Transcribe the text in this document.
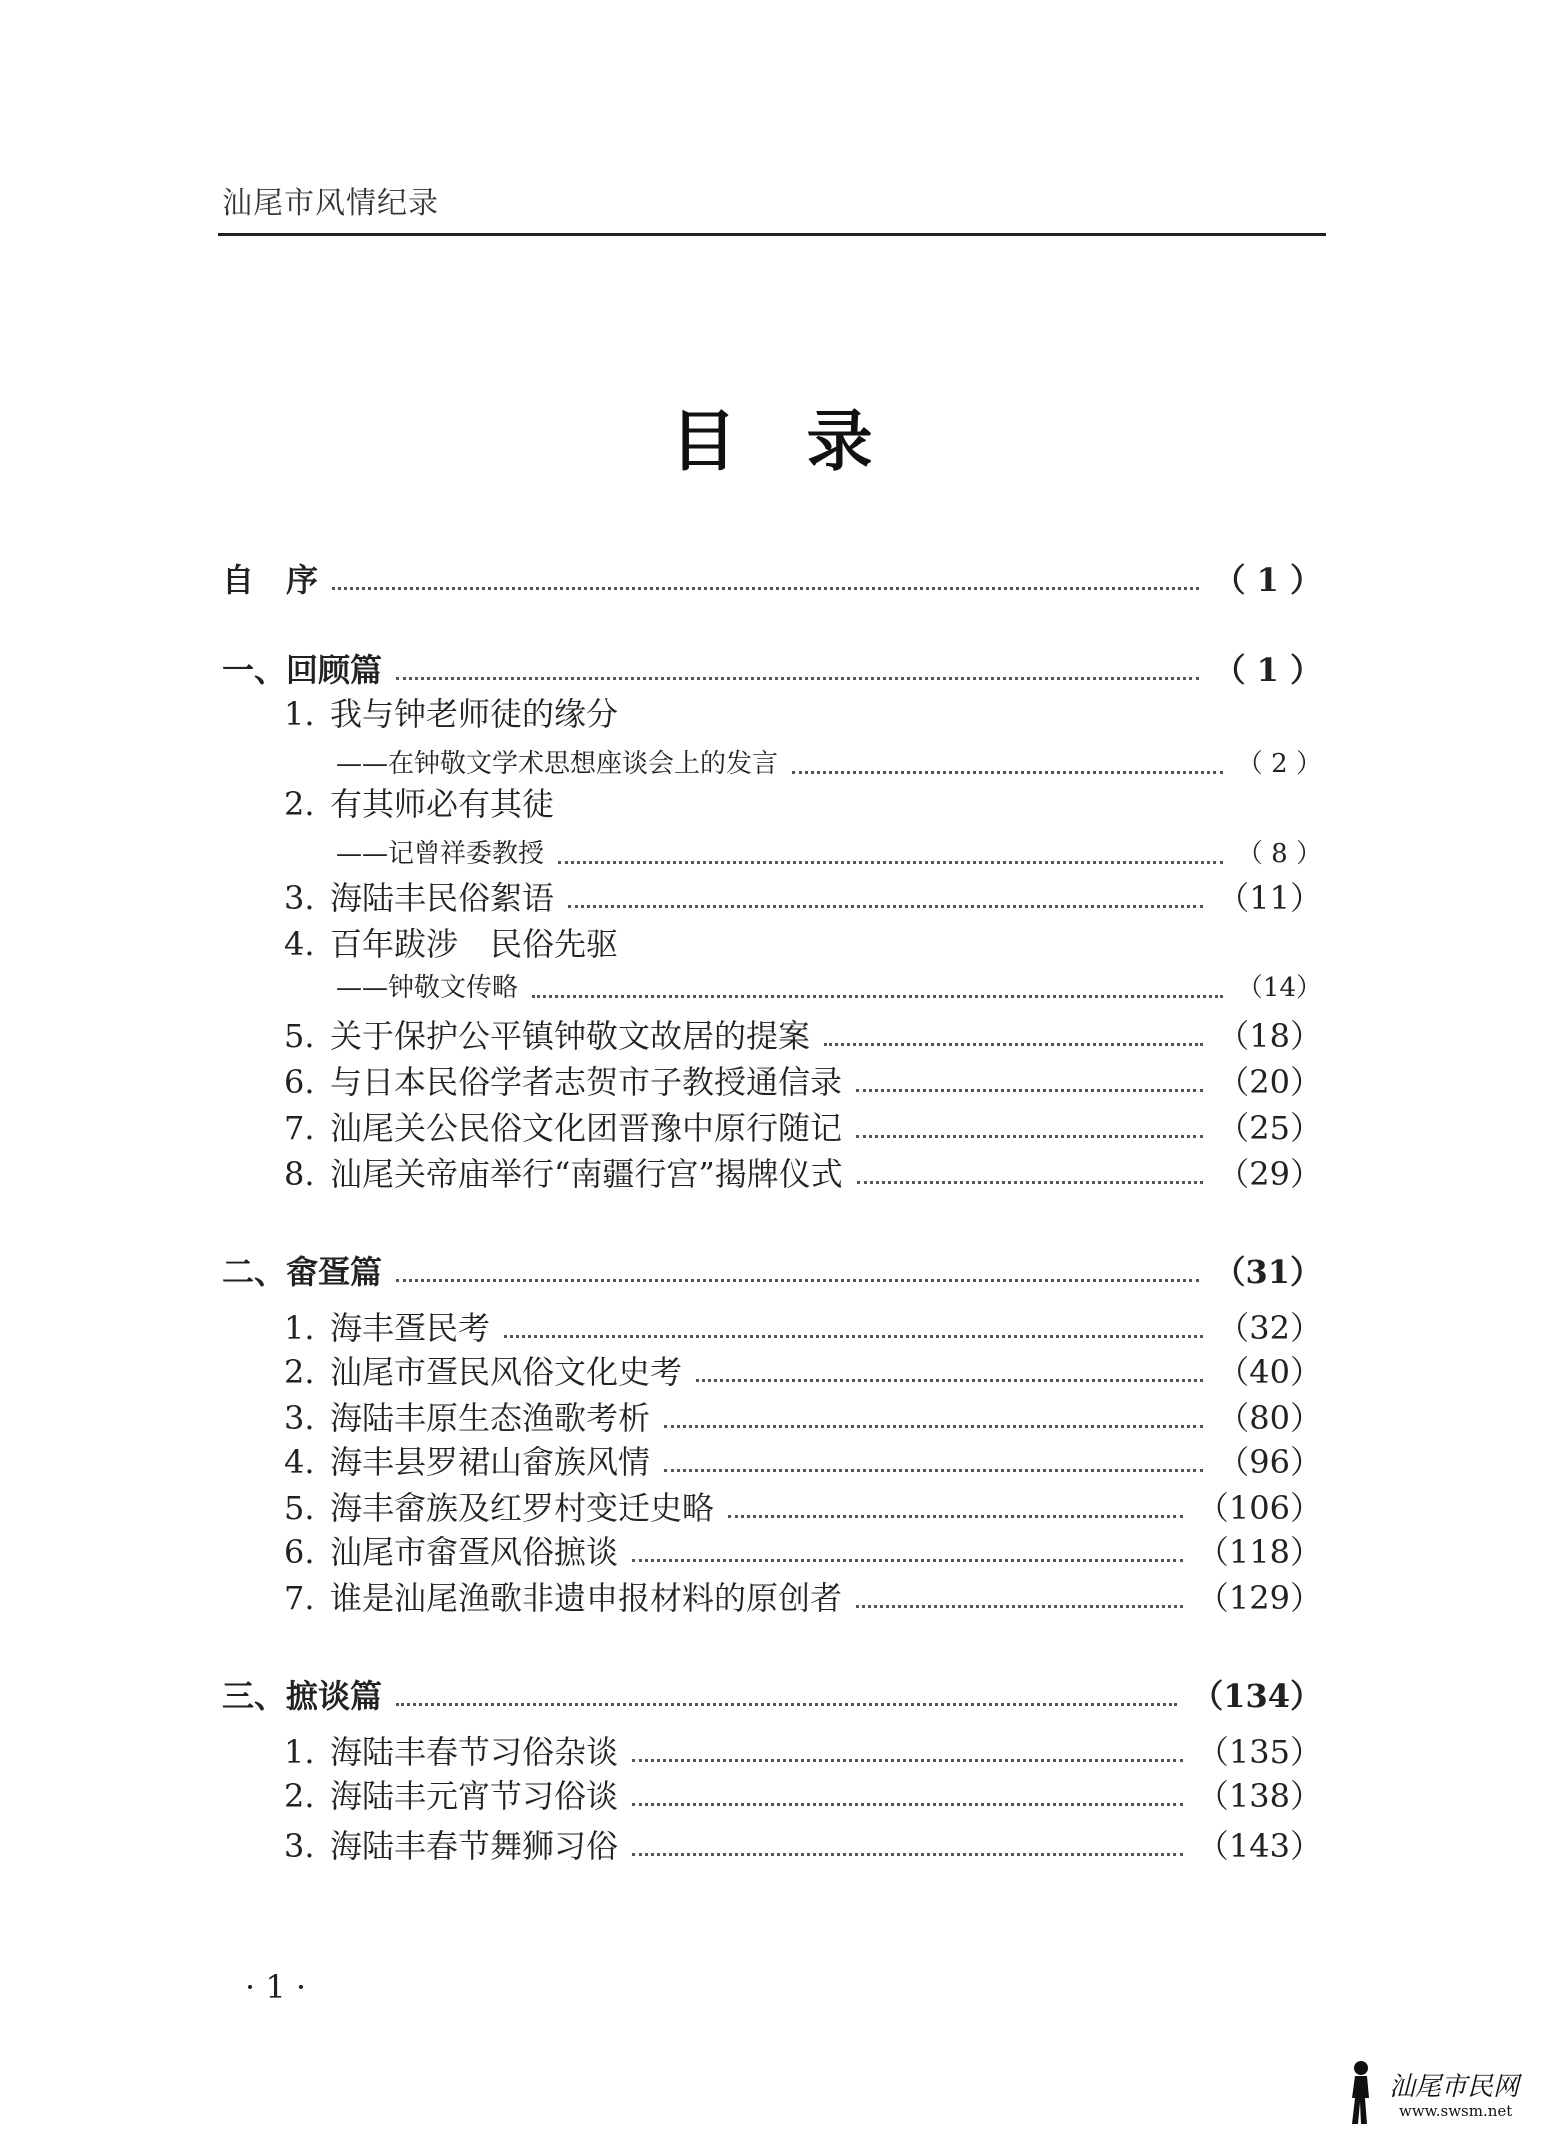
汕尾市风情纪录
目 录
自　序	（ 1 ）
一、回顾篇	（ 1 ）
1. 我与钟老师徒的缘分
——在钟敬文学术思想座谈会上的发言	（ 2 ）
2. 有其师必有其徒
——记曾祥委教授	（ 8 ）
3. 海陆丰民俗絮语	（11）
4. 百年跋涉　民俗先驱
——钟敬文传略	（14）
5. 关于保护公平镇钟敬文故居的提案	（18）
6. 与日本民俗学者志贺市子教授通信录	（20）
7. 汕尾关公民俗文化团晋豫中原行随记	（25）
8. 汕尾关帝庙举行“南疆行宫”揭牌仪式	（29）
二、畲疍篇	（31）
1. 海丰疍民考	（32）
2. 汕尾市疍民风俗文化史考	（40）
3. 海陆丰原生态渔歌考析	（80）
4. 海丰县罗裙山畲族风情	（96）
5. 海丰畲族及红罗村变迁史略	（106）
6. 汕尾市畲疍风俗摭谈	（118）
7. 谁是汕尾渔歌非遗申报材料的原创者	（129）
三、摭谈篇	（134）
1. 海陆丰春节习俗杂谈	（135）
2. 海陆丰元宵节习俗谈	（138）
3. 海陆丰春节舞狮习俗	（143）
· 1 ·
汕尾市民网
www.swsm.net
